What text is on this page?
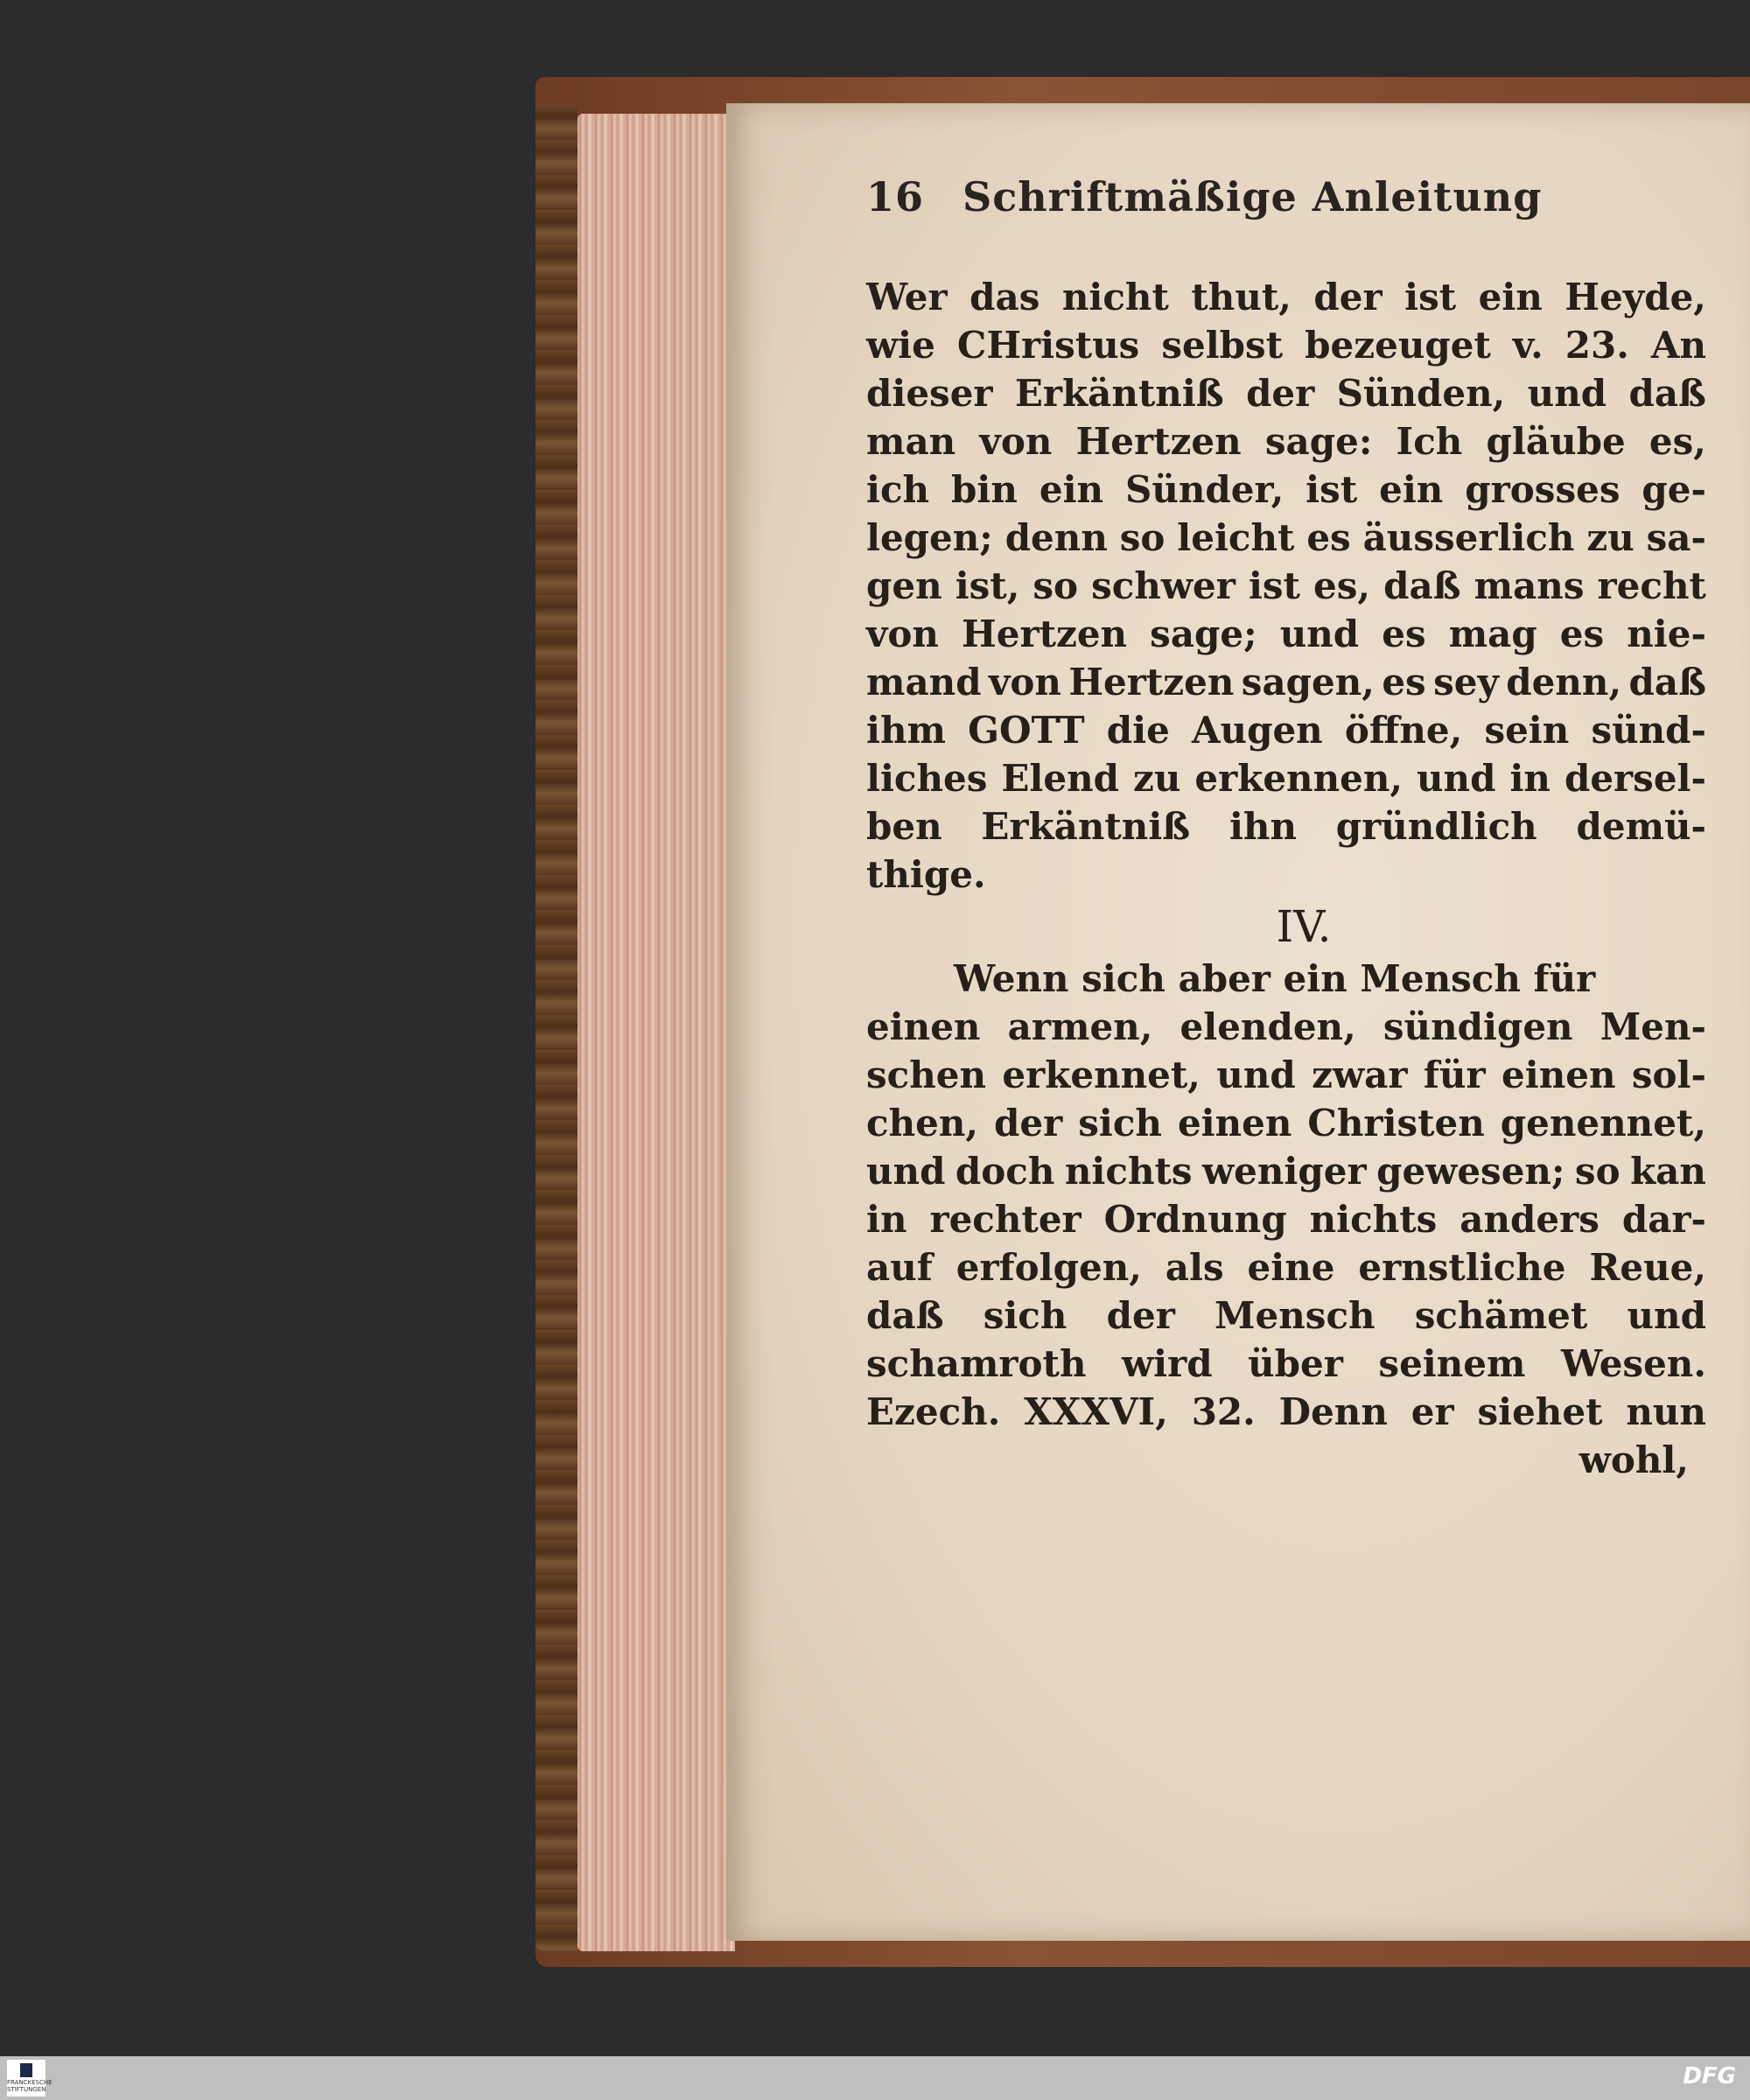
16 Schriftmäßige Anleitung
Wer das nicht thut, der ist ein Heyde,
wie CHristus selbst bezeuget v. 23. An
dieser Erkäntniß der Sünden, und daß
man von Hertzen sage: Ich gläube es,
ich bin ein Sünder, ist ein grosses ge-
legen; denn so leicht es äusserlich zu sa-
gen ist, so schwer ist es, daß mans recht
von Hertzen sage; und es mag es nie-
mand von Hertzen sagen, es sey denn, daß
ihm GOTT die Augen öffne, sein sünd-
liches Elend zu erkennen, und in dersel-
ben Erkäntniß ihn gründlich demü-
thige.
IV.
Wenn sich aber ein Mensch für
einen armen, elenden, sündigen Men-
schen erkennet, und zwar für einen sol-
chen, der sich einen Christen genennet,
und doch nichts weniger gewesen; so kan
in rechter Ordnung nichts anders dar-
auf erfolgen, als eine ernstliche Reue,
daß sich der Mensch schämet und
schamroth wird über seinem Wesen.
Ezech. XXXVI, 32. Denn er siehet nun
wohl,
FRANCKESCHE STIFTUNGEN	DFG
